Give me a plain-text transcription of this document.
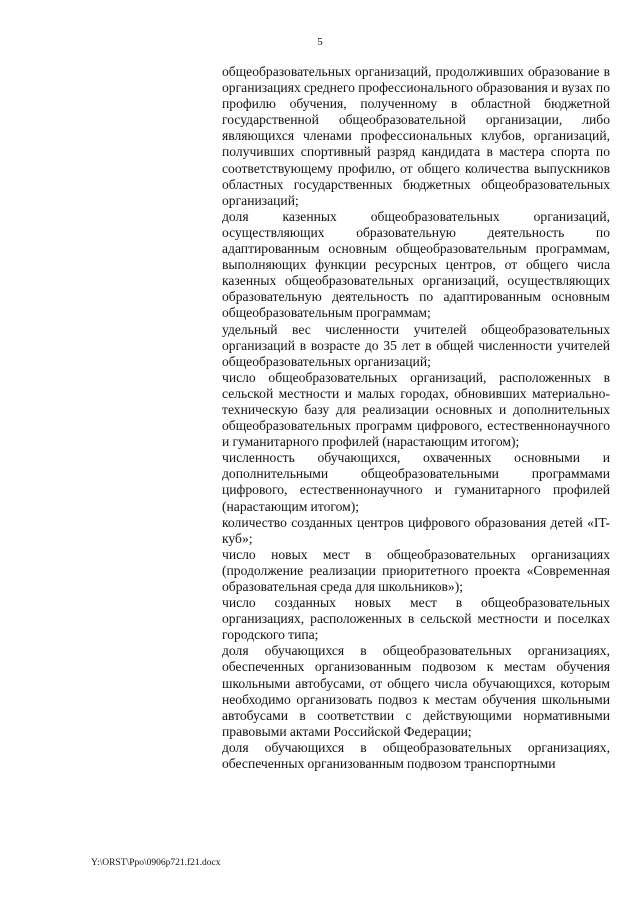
5

общеобразовательных организаций, продолживших образование в организациях среднего профессионального образования и вузах по профилю обучения, полученному в областной бюджетной государственной общеобразовательной организации, либо являющихся членами профессиональных клубов, организаций, получивших спортивный разряд кандидата в мастера спорта по соответствующему профилю, от общего количества выпускников областных государственных бюджетных общеобразовательных организаций;

доля казенных общеобразовательных организаций, осуществляющих образовательную деятельность по адаптированным основным общеобразовательным программам, выполняющих функции ресурсных центров, от общего числа казенных общеобразовательных организаций, осуществляющих образовательную деятельность по адаптированным основным общеобразовательным программам;

удельный вес численности учителей общеобразовательных организаций в возрасте до 35 лет в общей численности учителей общеобразовательных организаций;

число общеобразовательных организаций, расположенных в сельской местности и малых городах, обновивших материально-техническую базу для реализации основных и дополнительных общеобразовательных программ цифрового, естественнонаучного и гуманитарного профилей (нарастающим итогом);

численность обучающихся, охваченных основными и дополнительными общеобразовательными программами цифрового, естественнонаучного и гуманитарного профилей (нарастающим итогом);

количество созданных центров цифрового образования детей «IT-куб»;

число новых мест в общеобразовательных организациях (продолжение реализации приоритетного проекта «Современная образовательная среда для школьников»);

число созданных новых мест в общеобразовательных организациях, расположенных в сельской местности и поселках городского типа;

доля обучающихся в общеобразовательных организациях, обеспеченных организованным подвозом к местам обучения школьными автобусами, от общего числа обучающихся, которым необходимо организовать подвоз к местам обучения школьными автобусами в соответствии с действующими нормативными правовыми актами Российской Федерации;

доля обучающихся в общеобразовательных организациях, обеспеченных организованным подвозом транспортными

Y:\ORST\Ppo\0906p721.f21.docx
